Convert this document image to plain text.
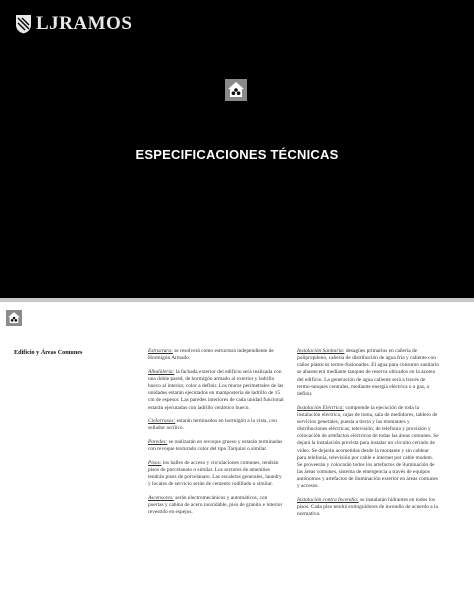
LJRAMOS
ESPECIFICACIONES TÉCNICAS
Edificio y Áreas Comunes	Estructura: se resolverá como estructura independiente de Hormigón Armado.

Albañilería: la fachada exterior del edificio será realizada con una doble pared, de hormigón armado al exterior y ladrillo hueco al interior, color a definir. Los muros perimetrales de las unidades estarán ejecutados en mampostería de ladrillo de 15 cm de espesor. Las paredes interiores de cada unidad funcional estarán ejecutadas con ladrillo cerámico hueco.

Cielorrasos: estarán terminados en hormigón a la vista, con sellador acrílico.

Paredes: se realizarán en revoque grueso y estarán terminadas con revoque texturado color del tipo Tarquini o similar.

Pisos: los halles de acceso y circulaciones comunes, tendrán pisos de porcelanato o similar. Los sectores de amenities tendrán pisos de porcelanato. Las escaleras generales, laundry y locales de servicio serán de cemento rodillado o similar.

Ascensores: serán electromecánicos y automáticos, con puertas y cabina de acero inoxidable, piso de granito e interior revestido en espejos.

Instalación Sanitaria: desagües primarios en cañería de polipropileno, cañería de distribución de agua fría y caliente con caños plásticos termo-fusionados. El agua para consumo sanitario se abastecerá mediante tanques de reserva ubicados en la azotea del edificio. La generación de agua caliente será a través de termo-tanques centrales, mediante energía eléctrica o a gas, a definir.

Instalación Eléctrica: comprende la ejecución de toda la instalación eléctrica, cajas de toma, sala de medidores, tablero de servicios generales, puesta a tierra y las montantes y distribuciones eléctricas; televisión; de telefonía y provisión y colocación de artefactos eléctricos de todas las áreas comunes. Se dejará la instalación prevista para instalar un circuito cerrado de video. Se dejarán acometidas desde la montante y sin cablear para telefonía, televisión por cable e internet por cable modem. Se proveerán y colocarán todos los artefactos de iluminación de las áreas comunes, sistema de emergencia a través de equipos autónomos y artefactos de iluminación exterior en áreas comunes y accesos.

Instalación contra Incendio: se instalarán hidrantes en todos los pisos. Cada piso tendrá extinguidores de incendio de acuerdo a la normativa.
